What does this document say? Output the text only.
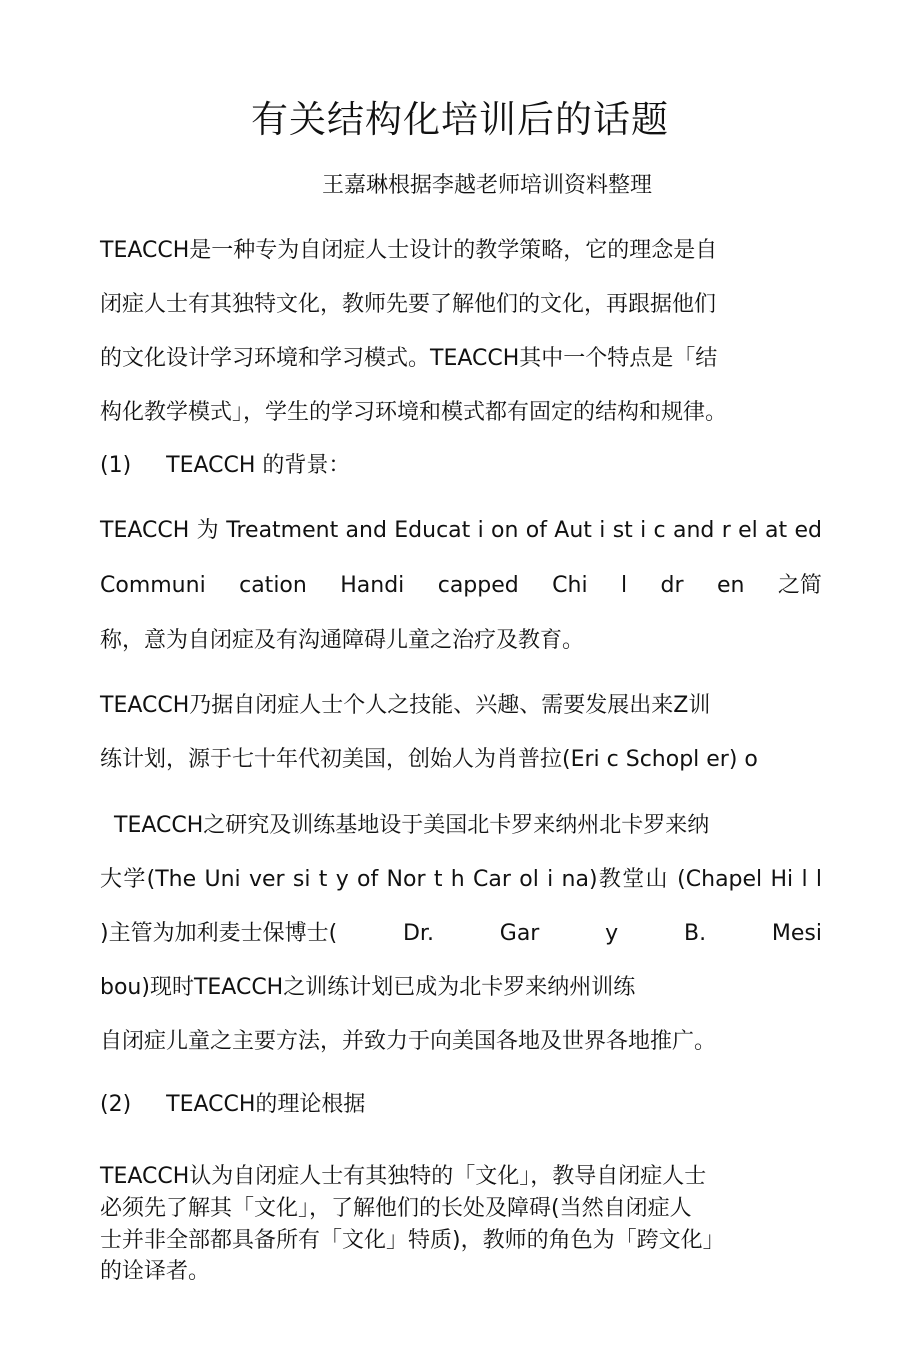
有关结构化培训后的话题
王嘉琳根据李越老师培训资料整理
TEACCH是一种专为自闭症人士设计的教学策略，它的理念是自
闭症人士有其独特文化，教师先要了解他们的文化，再跟据他们
的文化设计学习环境和学习模式。TEACCH其中一个特点是「结
构化教学模式」，学生的学习环境和模式都有固定的结构和规律。
(1)     TEACCH 的背景：
TEACCH 为 Treatment and Educat i on of Aut i st i c and r el at ed
Communi cation Handi capped Chi l dr en 之简
称，意为自闭症及有沟通障碍儿童之治疗及教育。
TEACCH乃据自闭症人士个人之技能、兴趣、需要发展出来Z训
练计划，源于七十年代初美国，创始人为肖普拉(Eri c Schopl er) o
TEACCH之研究及训练基地设于美国北卡罗来纳州北卡罗来纳
大学(The Uni ver si t y of Nor t h Car ol i na)教堂山 (Chapel Hi l l
)主管为加利麦士保博士(	Dr.	Gar	y	B.	Mesi
bou)现时TEACCH之训练计划已成为北卡罗来纳州训练
自闭症儿童之主要方法，并致力于向美国各地及世界各地推广。
(2)     TEACCH的理论根据
TEACCH认为自闭症人士有其独特的「文化」，教导自闭症人士
必须先了解其「文化」，了解他们的长处及障碍(当然自闭症人
士并非全部都具备所有「文化」特质)，教师的角色为「跨文化」
的诠译者。
